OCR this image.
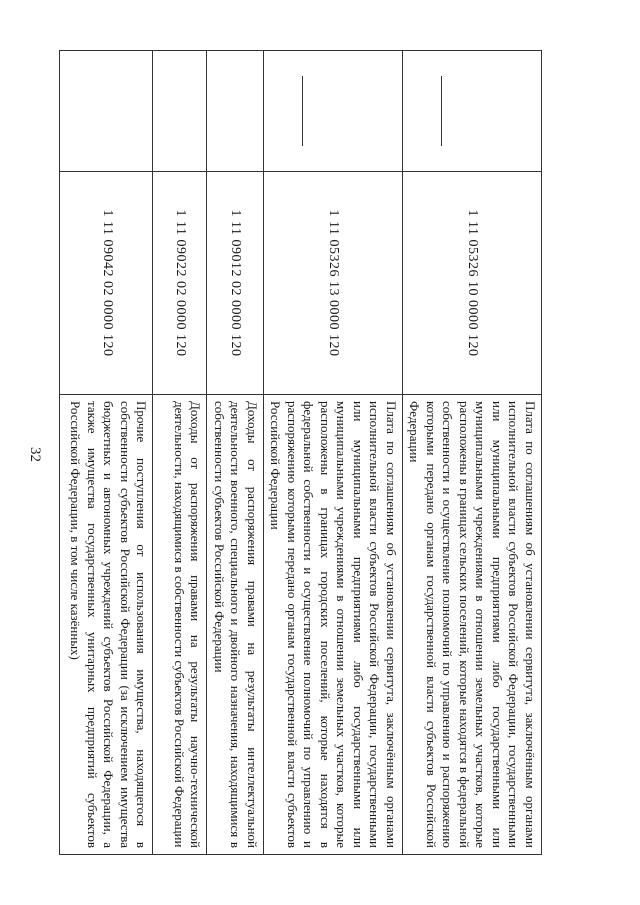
32
	1 11 05326 10 0000 120	Плата по соглашениям об установлении сервитута, заключённым органами исполнительной власти субъектов Российской Федерации, государственными или муниципальными предприятиями либо государственными или муниципальными учреждениями в отношении земельных участков, которые расположены в границах сельских поселений, которые находятся в федеральной собственности и осуществление полномочий по управлению и распоряжению которыми передано органам государственной власти субъектов Российской Федерации

	1 11 05326 13 0000 120	Плата по соглашениям об установлении сервитута, заключённым органами исполнительной власти субъектов Российской Федерации, государственными или муниципальными предприятиями либо государственными или муниципальными учреждениями в отношении земельных участков, которые расположены в границах городских поселений, которые находятся в федеральной собственности и осуществление полномочий по управлению и распоряжению которыми передано органам государственной власти субъектов Российской Федерации
	1 11 09012 02 0000 120	Доходы от распоряжения правами на результаты интеллектуальной деятельности военного, специального и двойного назначения, находящимися в собственности субъектов Российской Федерации
	1 11 09022 02 0000 120	Доходы от распоряжения правами на результаты научно-технической деятельности, находящимися в собственности субъектов Российской Федерации
	1 11 09042 02 0000 120	Прочие поступления от использования имущества, находящегося в собственности субъектов Российской Федерации (за исключением имущества бюджетных и автономных учреждений субъектов Российской Федерации, а также имущества государственных унитарных предприятий субъектов Российской Федерации, в том числе казённых)
